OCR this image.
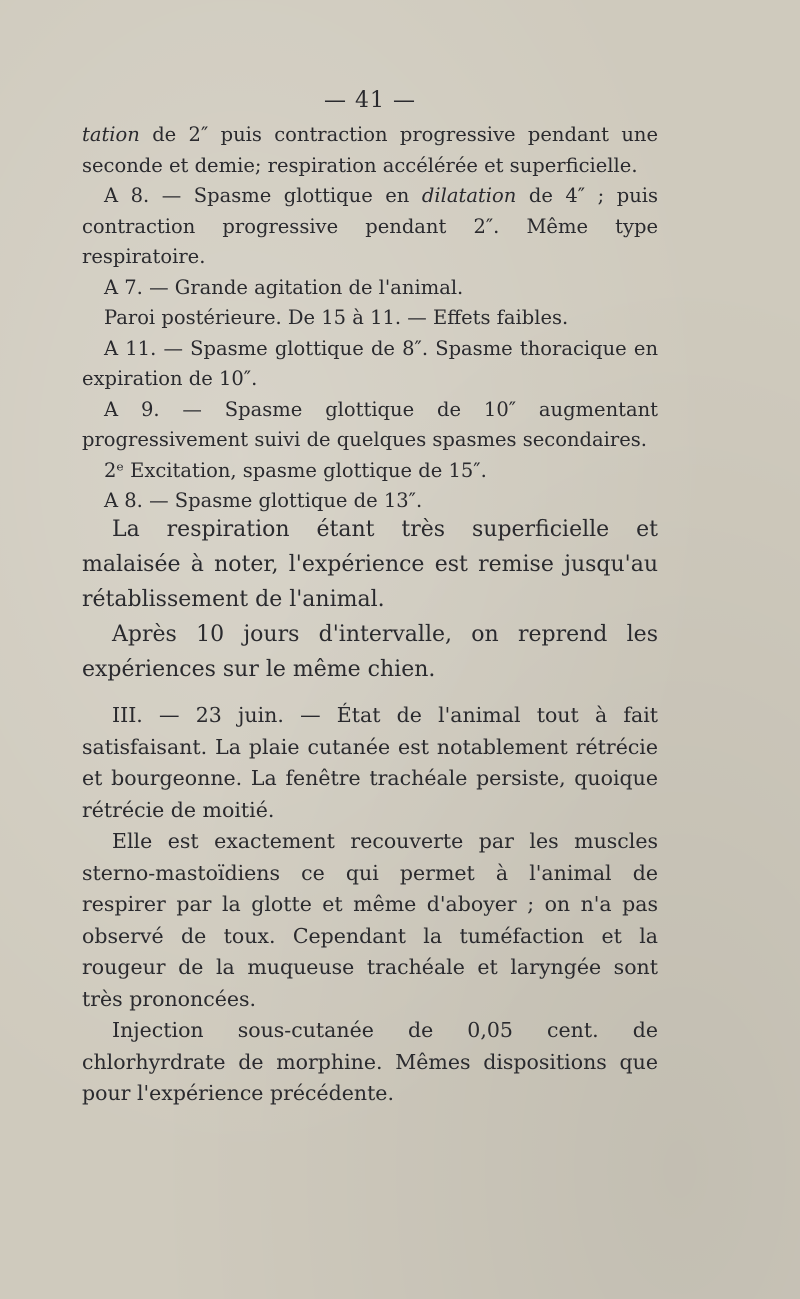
— 41 —

tation de 2″ puis contraction progressive pendant une seconde et demie; respiration accélérée et superficielle.

A 8. — Spasme glottique en dilatation de 4″ ; puis contraction progressive pendant 2″. Même type respiratoire.

A 7. — Grande agitation de l'animal.

Paroi postérieure. De 15 à 11. — Effets faibles.

A 11. — Spasme glottique de 8″. Spasme thoracique en expiration de 10″.

A 9. — Spasme glottique de 10″ augmentant progressivement suivi de quelques spasmes secondaires.

2ᵉ Excitation, spasme glottique de 15″.

A 8. — Spasme glottique de 13″.

La respiration étant très superficielle et malaisée à noter, l'expérience est remise jusqu'au rétablissement de l'animal.

Après 10 jours d'intervalle, on reprend les expériences sur le même chien.

III. — 23 juin. — État de l'animal tout à fait satisfaisant. La plaie cutanée est notablement rétrécie et bourgeonne. La fenêtre trachéale persiste, quoique rétrécie de moitié.

Elle est exactement recouverte par les muscles sterno-mastoïdiens ce qui permet à l'animal de respirer par la glotte et même d'aboyer ; on n'a pas observé de toux. Cependant la tuméfaction et la rougeur de la muqueuse trachéale et laryngée sont très prononcées.

Injection sous-cutanée de 0,05 cent. de chlorhyrdrate de morphine. Mêmes dispositions que pour l'expérience précédente.
